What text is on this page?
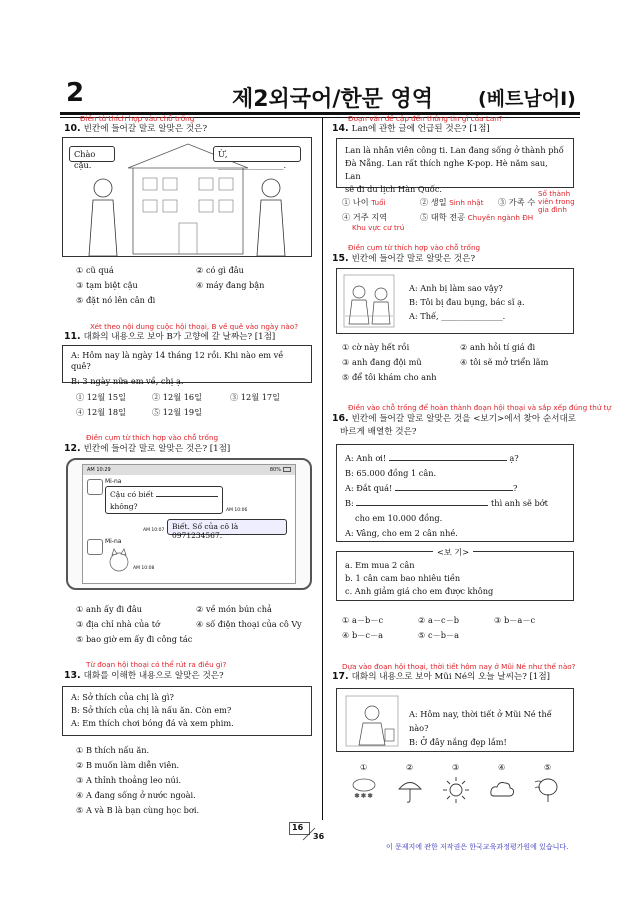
2	제2외국어/한문 영역 (베트남어Ⅰ)
Điền từ thích hợp vào chỗ trống
10. 빈칸에 들어갈 말로 알맞은 것은?
Chào cậu.
Ừ, ________________.
① cũ quá	② có gì đâu
③ tạm biệt cậu	④ máy đang bận
⑤ đặt nó lên cân đi
Xét theo nội dung cuộc hội thoại, B về quê vào ngày nào?
11. 대화의 내용으로 보아 B가 고향에 갈 날짜는? [1점]
A: Hôm nay là ngày 14 tháng 12 rồi. Khi nào em về quê?
B: 3 ngày nữa em về, chị ạ.
① 12월 15일	② 12월 16일	③ 12월 17일
④ 12월 18일	⑤ 12월 19일
Điền cụm từ thích hợp vào chỗ trống
12. 빈칸에 들어갈 말로 알맞은 것은? [1점]
AM 10:29	80%
Mi-na
Cậu có biết
không?	AM 10:06
AM 10:07	Biết. Số của cô là 0971234567.
Mi-na
AM 10:08
① anh ấy đi đâu	② về món bún chả
③ địa chỉ nhà của tớ	④ số điện thoại của cô Vy
⑤ bao giờ em ấy đi công tác
Từ đoạn hội thoại có thể rút ra điều gì?
13. 대화를 이해한 내용으로 알맞은 것은?
A: Sở thích của chị là gì?
B: Sở thích của chị là nấu ăn. Còn em?
A: Em thích chơi bóng đá và xem phim.
① B thích nấu ăn.
② B muốn làm diễn viên.
③ A thỉnh thoảng leo núi.
④ A đang sống ở nước ngoài.
⑤ A và B là bạn cùng học bơi.
Đoạn văn đề cập đến thông tin gì của Lan?
14. Lan에 관한 글에 언급된 것은? [1점]
Lan là nhân viên công ti. Lan đang sống ở thành phố
Đà Nẵng. Lan rất thích nghe K-pop. Hè năm sau, Lan
sẽ đi du lịch Hàn Quốc.
① 나이 Tuổi	② 생일 Sinh nhật ③ 가족 수
Số thành viên trong gia đình
④ 거주 지역
Khu vực cư trú
⑤ 대학 전공 Chuyên ngành ĐH
Điền cụm từ thích hợp vào chỗ trống
15. 빈칸에 들어갈 말로 알맞은 것은?
A: Anh bị làm sao vậy?
B: Tôi bị đau bụng, bác sĩ ạ.
A: Thế, _______________.
① cờ này hết rồi	② anh hỏi tí giá đi
③ anh đang đội mũ	④ tôi sẽ mở triển lãm
⑤ để tôi khám cho anh
Điền vào chỗ trống để hoàn thành đoạn hội thoại và sắp xếp đúng thứ tự
16. 빈칸에 들어갈 말로 알맞은 것을 <보기>에서 찾아 순서대로
바르게 배열한 것은?
A: Anh ơi!	ạ?
B: 65.000 đồng 1 cân.
A: Đắt quá!	?
B:	thì anh sẽ bớt
cho em 10.000 đồng.
A: Vâng, cho em 2 cân nhé.
<보 기>
a. Em mua 2 cân
b. 1 cân cam bao nhiêu tiền
c. Anh giảm giá cho em được không
① a－b－c	② a－c－b	③ b－a－c
④ b－c－a	⑤ c－b－a
Dựa vào đoạn hội thoại, thời tiết hôm nay ở Mũi Né như thế nào?
17. 대화의 내용으로 보아 Mũi Né의 오늘 날씨는? [1점]
A: Hôm nay, thời tiết ở Mũi Né thế nào?
B: Ở đây nắng đẹp lắm!
①	②	③	④	⑤
* * *
16
36
이 문제지에 관한 저작권은 한국교육과정평가원에 있습니다.
